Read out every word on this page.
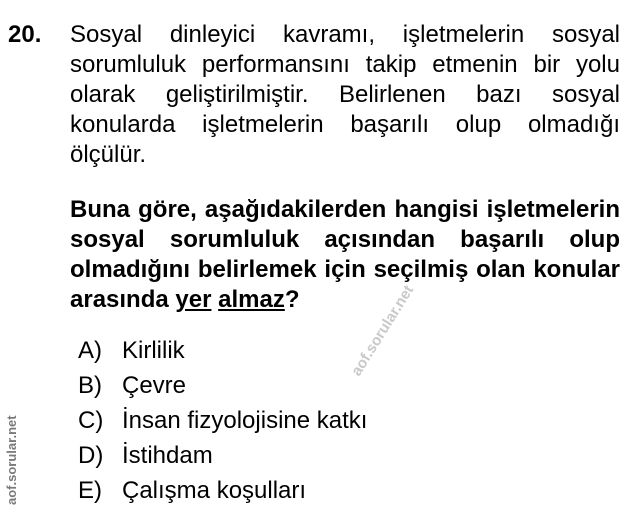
20. Sosyal dinleyici kavramı, işletmelerin sosyal sorumluluk performansını takip etmenin bir yolu olarak geliştirilmiştir. Belirlenen bazı sosyal konularda işletmelerin başarılı olup olmadığı ölçülür.
Buna göre, aşağıdakilerden hangisi işletmelerin sosyal sorumluluk açısından başarılı olup olmadığını belirlemek için seçilmiş olan konular arasında yer almaz?
A) Kirlilik
B) Çevre
C) İnsan fizyolojisine katkı
D) İstihdam
E) Çalışma koşulları
aof.sorular.net
aof.sorular.net
